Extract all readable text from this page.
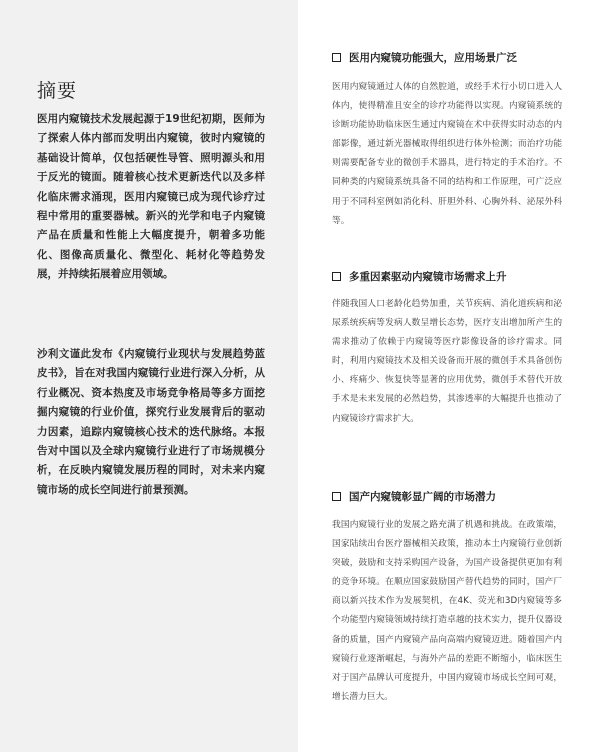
摘要

医用内窥镜技术发展起源于19世纪初期，医师为了探索人体内部而发明出内窥镜，彼时内窥镜的基础设计简单，仅包括硬性导管、照明源头和用于反光的镜面。随着核心技术更新迭代以及多样化临床需求涌现，医用内窥镜已成为现代诊疗过程中常用的重要器械。新兴的光学和电子内窥镜产品在质量和性能上大幅度提升，朝着多功能化、图像高质量化、微型化、耗材化等趋势发展，并持续拓展着应用领域。

沙利文谨此发布《内窥镜行业现状与发展趋势蓝皮书》，旨在对我国内窥镜行业进行深入分析，从行业概况、资本热度及市场竞争格局等多方面挖掘内窥镜的行业价值，探究行业发展背后的驱动力因素，追踪内窥镜核心技术的迭代脉络。本报告对中国以及全球内窥镜行业进行了市场规模分析，在反映内窥镜发展历程的同时，对未来内窥镜市场的成长空间进行前景预测。

医用内窥镜功能强大，应用场景广泛

医用内窥镜通过人体的自然腔道，或经手术行小切口进入人体内，使得精准且安全的诊疗功能得以实现。内窥镜系统的诊断功能协助临床医生通过内窥镜在术中获得实时动态的内部影像，通过新光器械取得组织进行体外检测；而治疗功能则需要配备专业的微创手术器具，进行特定的手术治疗。不同种类的内窥镜系统具备不同的结构和工作原理，可广泛应用于不同科室例如消化科、肝胆外科、心胸外科、泌尿外科等。

多重因素驱动内窥镜市场需求上升

伴随我国人口老龄化趋势加重，关节疾病、消化道疾病和泌尿系统疾病等发病人数呈增长态势，医疗支出增加所产生的需求推动了依赖于内窥镜等医疗影像设备的诊疗需求。同时，利用内窥镜技术及相关设备而开展的微创手术具备创伤小、疼痛少、恢复快等显著的应用优势，微创手术替代开放手术是未来发展的必然趋势，其渗透率的大幅提升也推动了内窥镜诊疗需求扩大。

国产内窥镜彰显广阔的市场潜力

我国内窥镜行业的发展之路充满了机遇和挑战。在政策端，国家陆续出台医疗器械相关政策，推动本土内窥镜行业创新突破，鼓励和支持采购国产设备，为国产设备提供更加有利的竞争环境。在顺应国家鼓励国产替代趋势的同时，国产厂商以新兴技术作为发展契机，在4K、荧光和3D内窥镜等多个功能型内窥镜领域持续打造卓越的技术实力，提升仪器设备的质量，国产内窥镜产品向高端内窥镜迈进。随着国产内窥镜行业逐渐崛起，与海外产品的差距不断缩小，临床医生对于国产品牌认可度提升，中国内窥镜市场成长空间可观，增长潜力巨大。
